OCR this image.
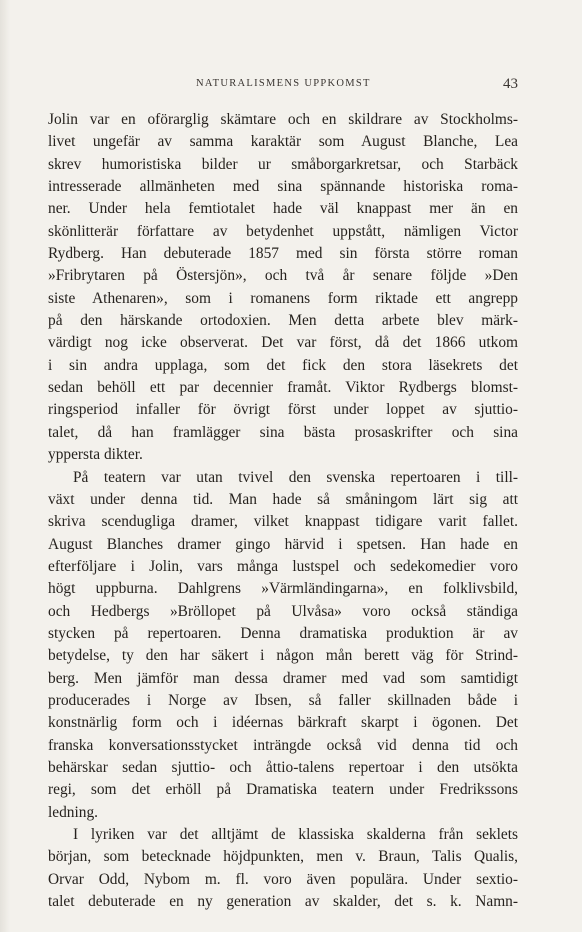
NATURALISMENS UPPKOMST	43
Jolin var en oförarglig skämtare och en skildrare av Stockholms-
livet ungefär av samma karaktär som August Blanche, Lea
skrev humoristiska bilder ur småborgarkretsar, och Starbäck
intresserade allmänheten med sina spännande historiska roma-
ner. Under hela femtiotalet hade väl knappast mer än en
skönlitterär författare av betydenhet uppstått, nämligen Victor
Rydberg. Han debuterade 1857 med sin första större roman
»Fribrytaren på Östersjön», och två år senare följde »Den
siste Athenaren», som i romanens form riktade ett angrepp
på den härskande ortodoxien. Men detta arbete blev märk-
värdigt nog icke observerat. Det var först, då det 1866 utkom
i sin andra upplaga, som det fick den stora läsekrets det
sedan behöll ett par decennier framåt. Viktor Rydbergs blomst-
ringsperiod infaller för övrigt först under loppet av sjuttio-
talet, då han framlägger sina bästa prosaskrifter och sina
yppersta dikter.
På teatern var utan tvivel den svenska repertoaren i till-
växt under denna tid. Man hade så småningom lärt sig att
skriva scendugliga dramer, vilket knappast tidigare varit fallet.
August Blanches dramer gingo härvid i spetsen. Han hade en
efterföljare i Jolin, vars många lustspel och sedekomedier voro
högt uppburna. Dahlgrens »Värmländingarna», en folklivsbild,
och Hedbergs »Bröllopet på Ulvåsa» voro också ständiga
stycken på repertoaren. Denna dramatiska produktion är av
betydelse, ty den har säkert i någon mån berett väg för Strind-
berg. Men jämför man dessa dramer med vad som samtidigt
producerades i Norge av Ibsen, så faller skillnaden både i
konstnärlig form och i idéernas bärkraft skarpt i ögonen. Det
franska konversationsstycket inträngde också vid denna tid och
behärskar sedan sjuttio- och åttio-talens repertoar i den utsökta
regi, som det erhöll på Dramatiska teatern under Fredrikssons
ledning.
I lyriken var det alltjämt de klassiska skalderna från seklets
början, som betecknade höjdpunkten, men v. Braun, Talis Qualis,
Orvar Odd, Nybom m. fl. voro även populära. Under sextio-
talet debuterade en ny generation av skalder, det s. k. Namn-
